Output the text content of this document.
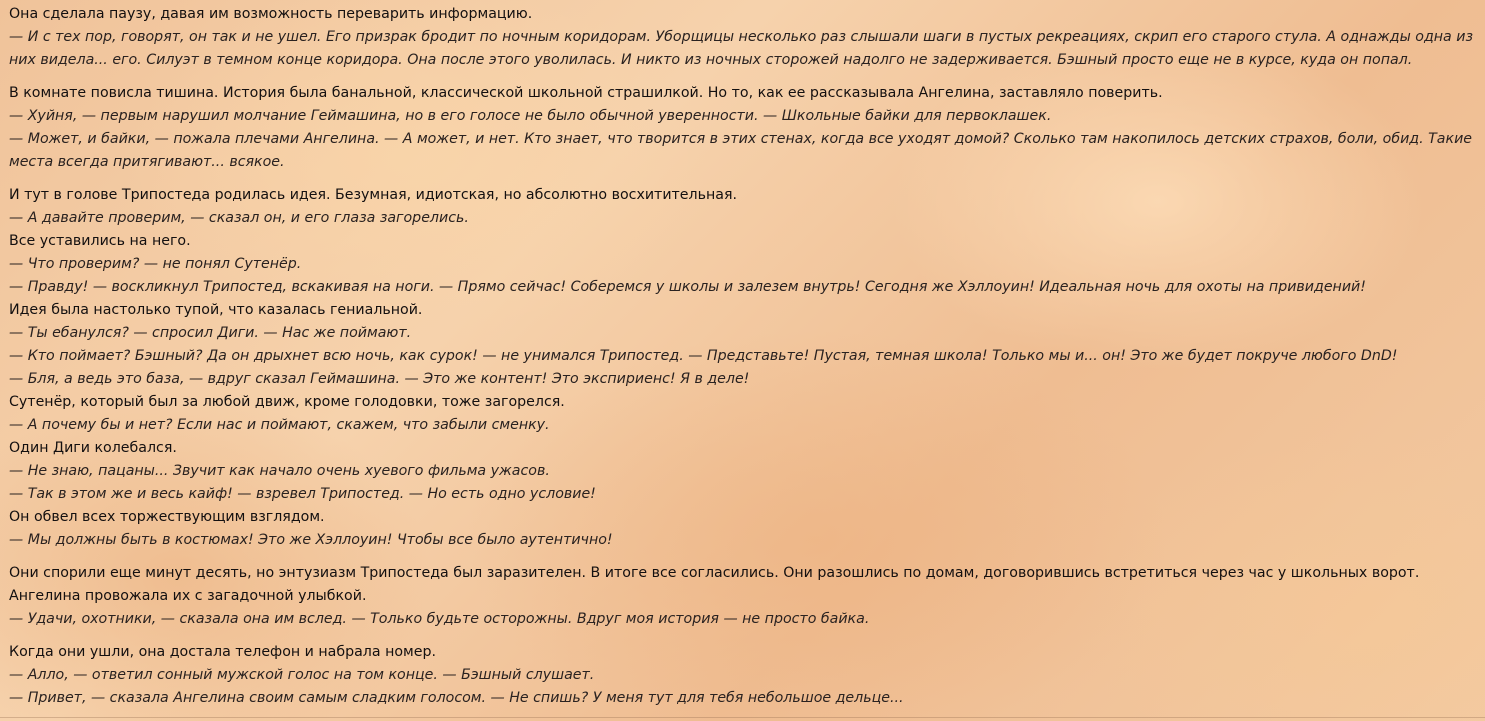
Она сделала паузу, давая им возможность переварить информацию.

— И с тех пор, говорят, он так и не ушел. Его призрак бродит по ночным коридорам. Уборщицы несколько раз слышали шаги в пустых рекреациях, скрип его старого стула. А однажды одна из них видела... его. Силуэт в темном конце коридора. Она после этого уволилась. И никто из ночных сторожей надолго не задерживается. Бэшный просто еще не в курсе, куда он попал.

В комнате повисла тишина. История была банальной, классической школьной страшилкой. Но то, как ее рассказывала Ангелина, заставляло поверить.

— Хуйня, — первым нарушил молчание Геймашина, но в его голосе не было обычной уверенности. — Школьные байки для первоклашек.

— Может, и байки, — пожала плечами Ангелина. — А может, и нет. Кто знает, что творится в этих стенах, когда все уходят домой? Сколько там накопилось детских страхов, боли, обид. Такие места всегда притягивают... всякое.

И тут в голове Трипостеда родилась идея. Безумная, идиотская, но абсолютно восхитительная.

— А давайте проверим, — сказал он, и его глаза загорелись.

Все уставились на него.

— Что проверим? — не понял Сутенёр.

— Правду! — воскликнул Трипостед, вскакивая на ноги. — Прямо сейчас! Соберемся у школы и залезем внутрь! Сегодня же Хэллоуин! Идеальная ночь для охоты на привидений!

Идея была настолько тупой, что казалась гениальной.

— Ты ебанулся? — спросил Диги. — Нас же поймают.

— Кто поймает? Бэшный? Да он дрыхнет всю ночь, как сурок! — не унимался Трипостед. — Представьте! Пустая, темная школа! Только мы и... он! Это же будет покруче любого DnD!

— Бля, а ведь это база, — вдруг сказал Геймашина. — Это же контент! Это экспириенс! Я в деле!

Сутенёр, который был за любой движ, кроме голодовки, тоже загорелся.

— А почему бы и нет? Если нас и поймают, скажем, что забыли сменку.

Один Диги колебался.

— Не знаю, пацаны... Звучит как начало очень хуевого фильма ужасов.

— Так в этом же и весь кайф! — взревел Трипостед. — Но есть одно условие!

Он обвел всех торжествующим взглядом.

— Мы должны быть в костюмах! Это же Хэллоуин! Чтобы все было аутентично!

Они спорили еще минут десять, но энтузиазм Трипостеда был заразителен. В итоге все согласились. Они разошлись по домам, договорившись встретиться через час у школьных ворот.

Ангелина провожала их с загадочной улыбкой.

— Удачи, охотники, — сказала она им вслед. — Только будьте осторожны. Вдруг моя история — не просто байка.

Когда они ушли, она достала телефон и набрала номер.

— Алло, — ответил сонный мужской голос на том конце. — Бэшный слушает.

— Привет, — сказала Ангелина своим самым сладким голосом. — Не спишь? У меня тут для тебя небольшое дельце...
